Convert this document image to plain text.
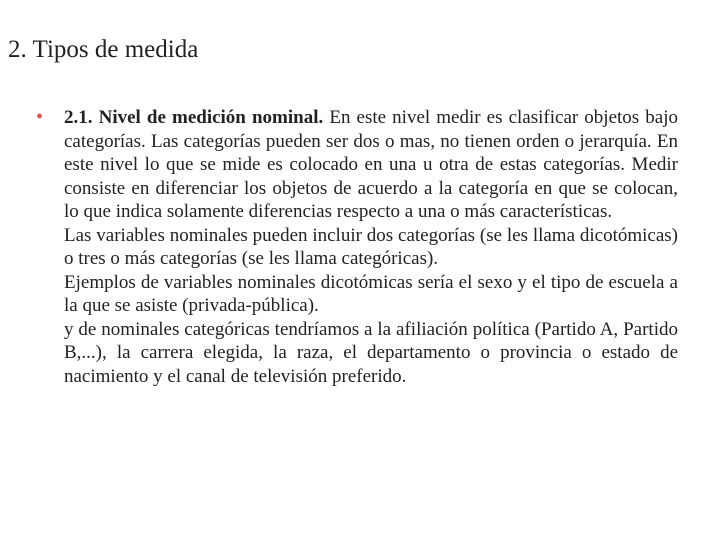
2. Tipos de medida
•	2.1. Nivel de medición nominal. En este nivel medir es clasificar objetos bajo categorías. Las categorías pueden ser dos o mas, no tienen orden o jerarquía. En este nivel lo que se mide es colocado en una u otra de estas categorías. Medir consiste en diferenciar los objetos de acuerdo a la categoría en que se colocan, lo que indica solamente diferencias respecto a una o más características.

Las variables nominales pueden incluir dos categorías (se les llama dicotómicas) o tres o más categorías (se les llama categóricas).

Ejemplos de variables nominales dicotómicas sería el sexo y el tipo de escuela a la que se asiste (privada-pública).

y de nominales categóricas tendríamos a la afiliación política (Partido A, Partido B,...), la carrera elegida, la raza, el departamento o provincia o estado de nacimiento y el canal de televisión preferido.
